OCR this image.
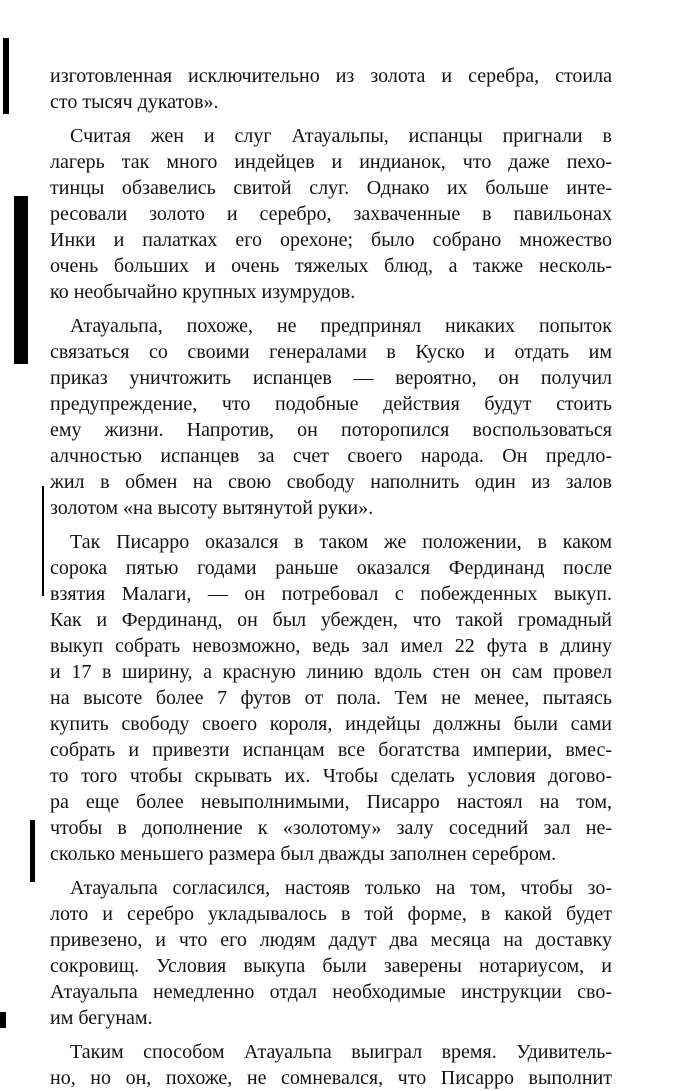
изготовленная исключительно из золота и серебра, стоила
сто тысяч дукатов».
Считая жен и слуг Атауальпы, испанцы пригнали в
лагерь так много индейцев и индианок, что даже пехо-
тинцы обзавелись свитой слуг. Однако их больше инте-
ресовали золото и серебро, захваченные в павильонах
Инки и палатках его орехоне; было собрано множество
очень больших и очень тяжелых блюд, а также несколь-
ко необычайно крупных изумрудов.
Атауальпа, похоже, не предпринял никаких попыток
связаться со своими генералами в Куско и отдать им
приказ уничтожить испанцев — вероятно, он получил
предупреждение, что подобные действия будут стоить
ему жизни. Напротив, он поторопился воспользоваться
алчностью испанцев за счет своего народа. Он предло-
жил в обмен на свою свободу наполнить один из залов
золотом «на высоту вытянутой руки».
Так Писарро оказался в таком же положении, в каком
сорока пятью годами раньше оказался Фердинанд после
взятия Малаги, — он потребовал с побежденных выкуп.
Как и Фердинанд, он был убежден, что такой громадный
выкуп собрать невозможно, ведь зал имел 22 фута в длину
и 17 в ширину, а красную линию вдоль стен он сам провел
на высоте более 7 футов от пола. Тем не менее, пытаясь
купить свободу своего короля, индейцы должны были сами
собрать и привезти испанцам все богатства империи, вмес-
то того чтобы скрывать их. Чтобы сделать условия догово-
ра еще более невыполнимыми, Писарро настоял на том,
чтобы в дополнение к «золотому» залу соседний зал не-
сколько меньшего размера был дважды заполнен серебром.
Атауальпа согласился, настояв только на том, чтобы зо-
лото и серебро укладывалось в той форме, в какой будет
привезено, и что его людям дадут два месяца на доставку
сокровищ. Условия выкупа были заверены нотариусом, и
Атауальпа немедленно отдал необходимые инструкции сво-
им бегунам.
Таким способом Атауальпа выиграл время. Удивитель-
но, но он, похоже, не сомневался, что Писарро выполнит
